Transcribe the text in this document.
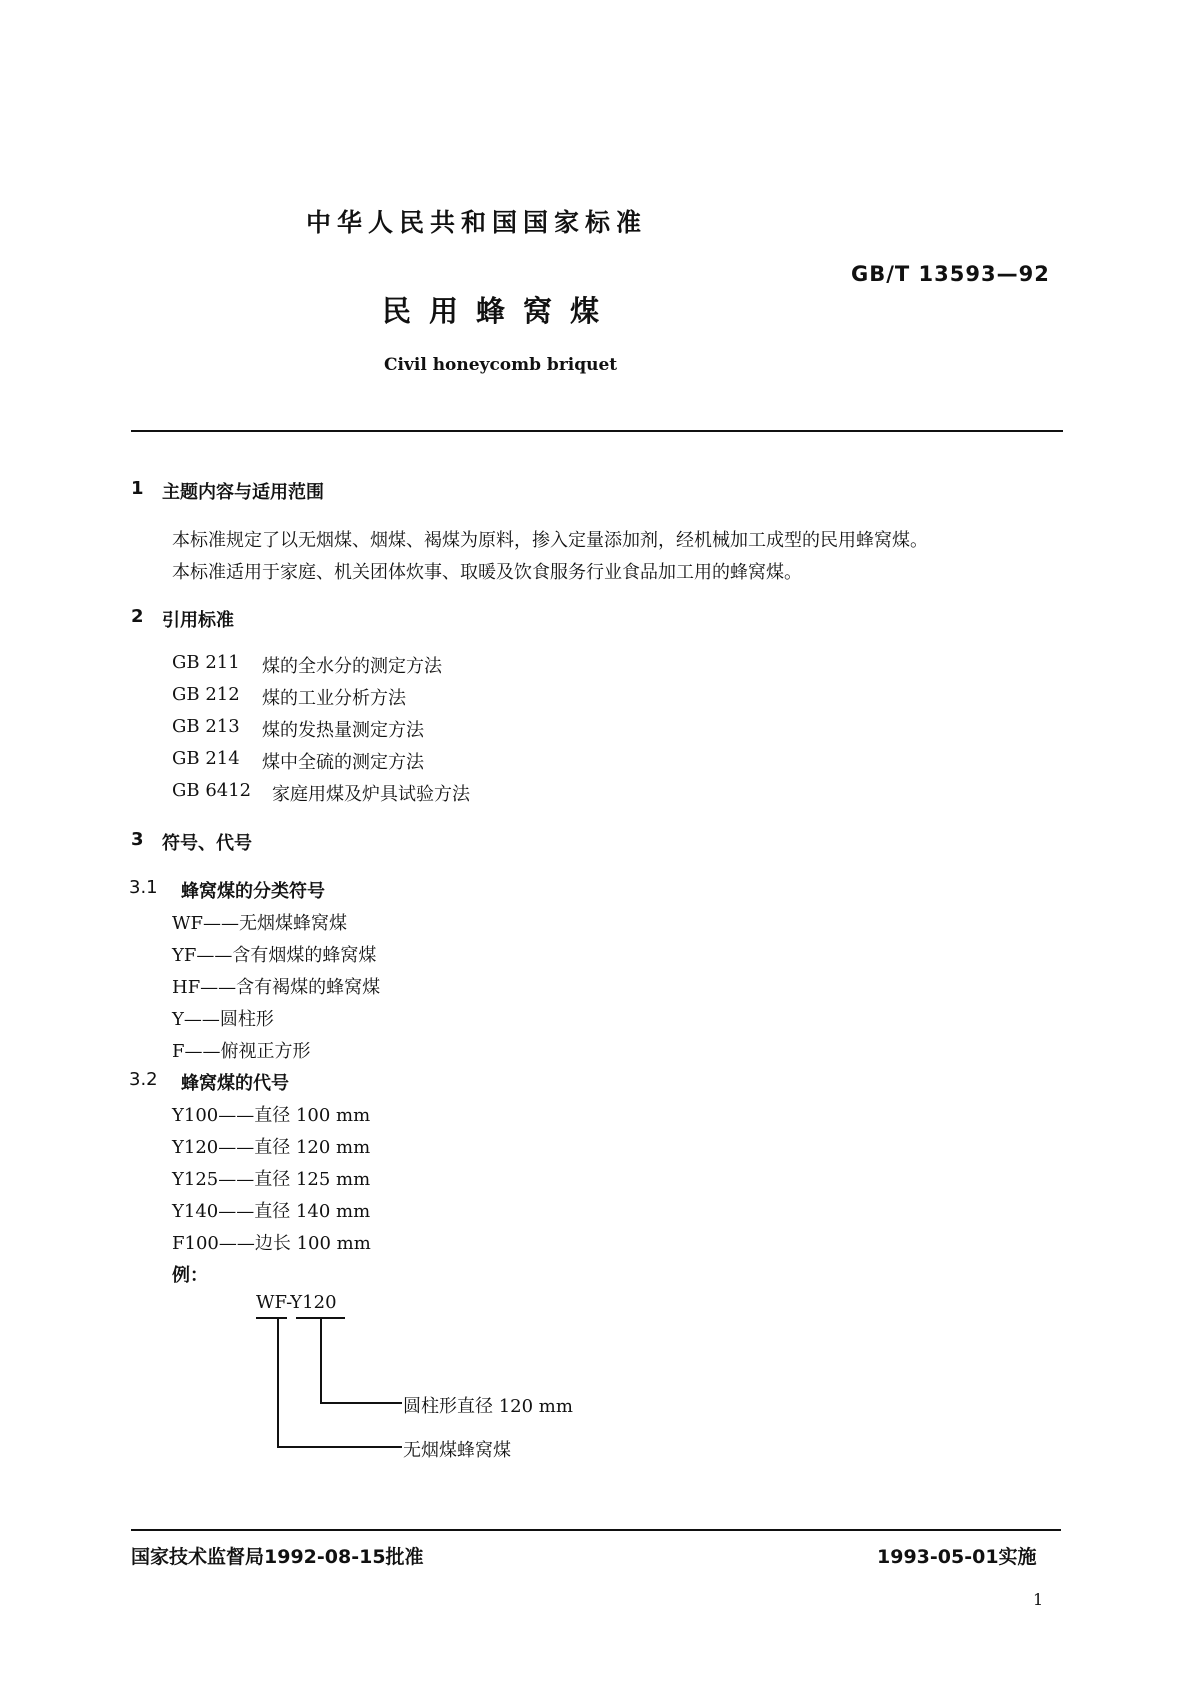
中华人民共和国国家标准
GB/T 13593—92
民用蜂窝煤
Civil honeycomb briquet
1 主题内容与适用范围
本标准规定了以无烟煤、烟煤、褐煤为原料，掺入定量添加剂，经机械加工成型的民用蜂窝煤。
本标准适用于家庭、机关团体炊事、取暖及饮食服务行业食品加工用的蜂窝煤。
2 引用标准
GB 211 煤的全水分的测定方法
GB 212 煤的工业分析方法
GB 213 煤的发热量测定方法
GB 214 煤中全硫的测定方法
GB 6412 家庭用煤及炉具试验方法
3 符号、代号
3.1 蜂窝煤的分类符号
WF——无烟煤蜂窝煤
YF——含有烟煤的蜂窝煤
HF——含有褐煤的蜂窝煤
Y——圆柱形
F——俯视正方形
3.2 蜂窝煤的代号
Y100——直径 100 mm
Y120——直径 120 mm
Y125——直径 125 mm
Y140——直径 140 mm
F100——边长 100 mm
例：
WF-Y120
圆柱形直径 120 mm
无烟煤蜂窝煤
国家技术监督局1992-08-15批准	1993-05-01实施
1
